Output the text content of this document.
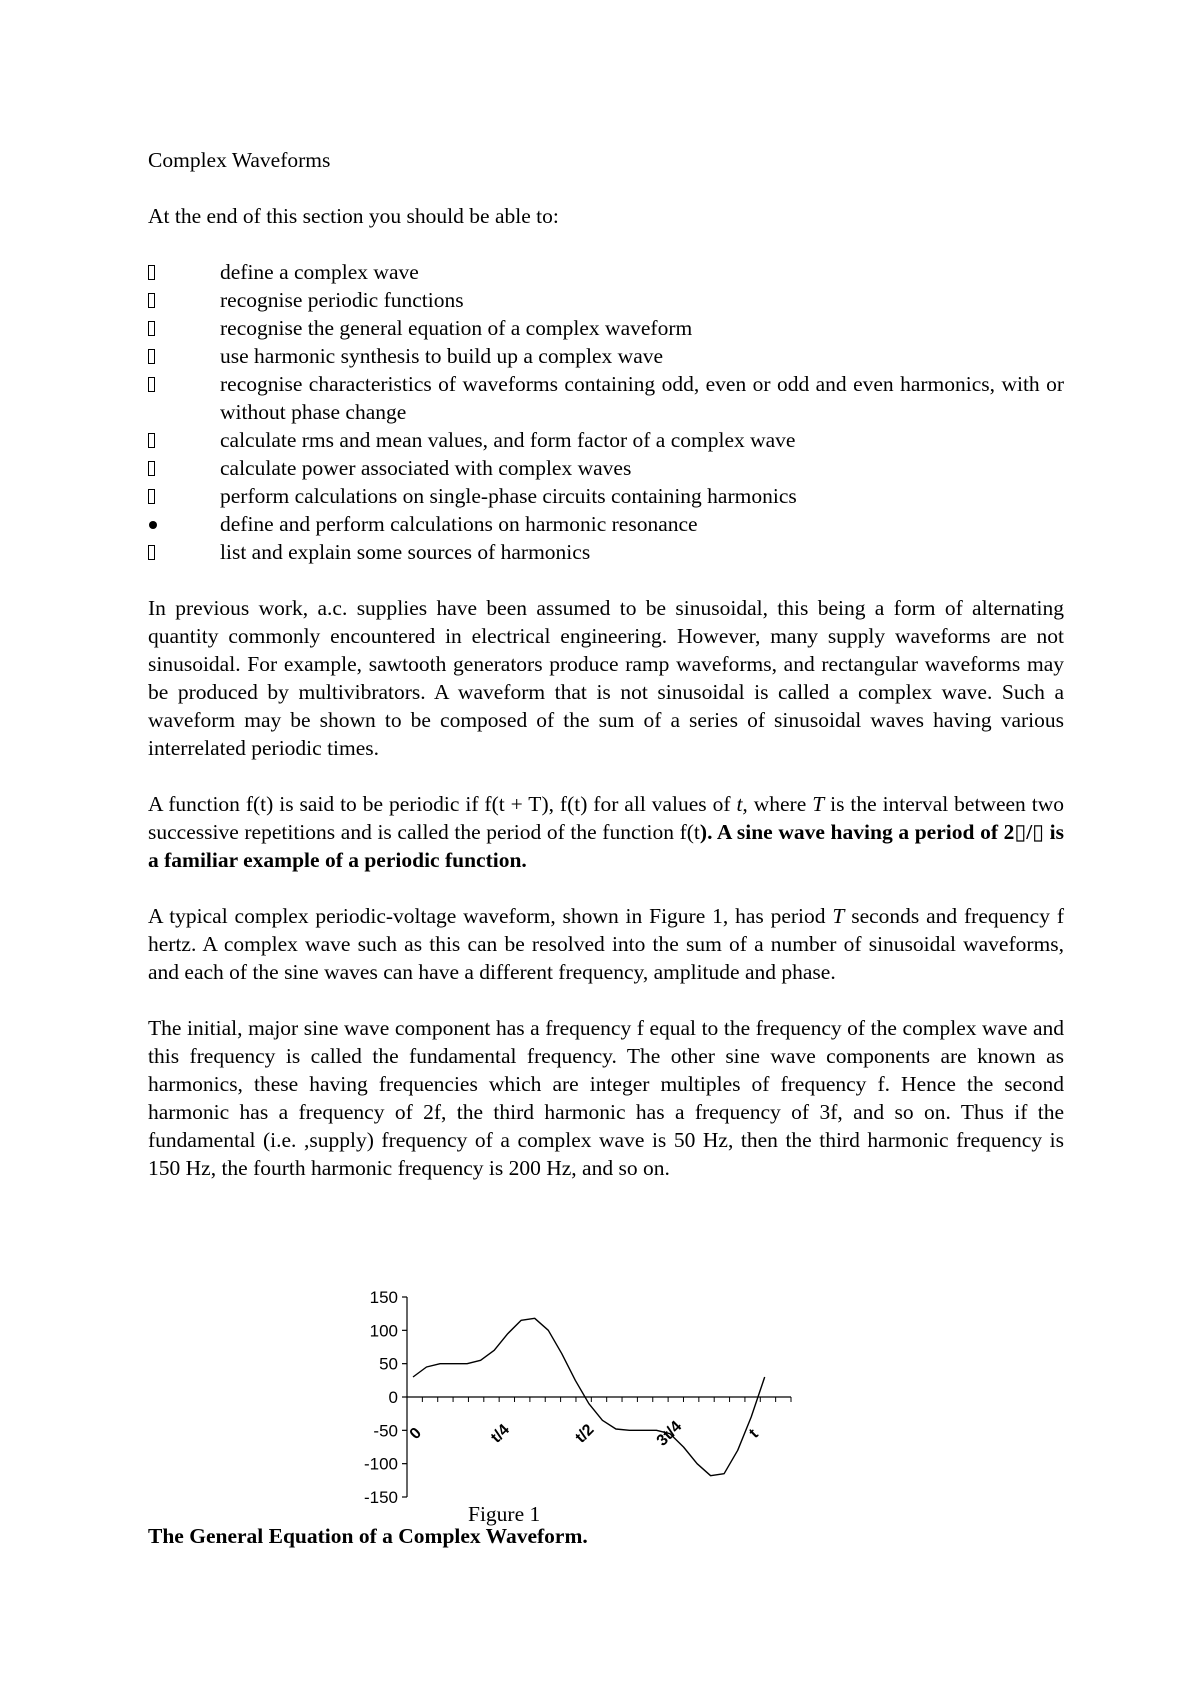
Complex Waveforms
At the end of this section you should be able to:
define a complex wave
recognise periodic functions
recognise the general equation of a complex waveform
use harmonic synthesis to build up a complex wave
recognise characteristics of waveforms containing odd, even or odd and even harmonics, with or without phase change
calculate rms and mean values, and form factor of a complex wave
calculate power associated with complex waves
perform calculations on single-phase circuits containing harmonics
define and perform calculations on harmonic resonance
list and explain some sources of harmonics

In previous work, a.c. supplies have been assumed to be sinusoidal, this being a form of alternating quantity commonly encountered in electrical engineering. However, many supply waveforms are not sinusoidal. For example, sawtooth generators produce ramp waveforms, and rectangular waveforms may be produced by multivibrators. A waveform that is not sinusoidal is called a complex wave. Such a waveform may be shown to be composed of the sum of a series of sinusoidal waves having various interrelated periodic times.

A function f(t) is said to be periodic if f(t + T), f(t) for all values of t, where T is the interval between two successive repetitions and is called the period of the function f(t). A sine wave having a period of 2▯/▯ is a familiar example of a periodic function.

A typical complex periodic-voltage waveform, shown in Figure 1, has period T seconds and frequency f hertz. A complex wave such as this can be resolved into the sum of a number of sinusoidal waveforms, and each of the sine waves can have a different frequency, amplitude and phase.

The initial, major sine wave component has a frequency f equal to the frequency of the complex wave and this frequency is called the fundamental frequency. The other sine wave components are known as harmonics, these having frequencies which are integer multiples of frequency f. Hence the second harmonic has a frequency of 2f, the third harmonic has a frequency of 3f, and so on. Thus if the fundamental (i.e. ,supply) frequency of a complex wave is 50 Hz, then the third harmonic frequency is 150 Hz, the fourth harmonic frequency is 200 Hz, and so on.

150
100
50
0
-50
-100
-150
0	t/4	t/2	3t/4	t
Figure 1
The General Equation of a Complex Waveform.
